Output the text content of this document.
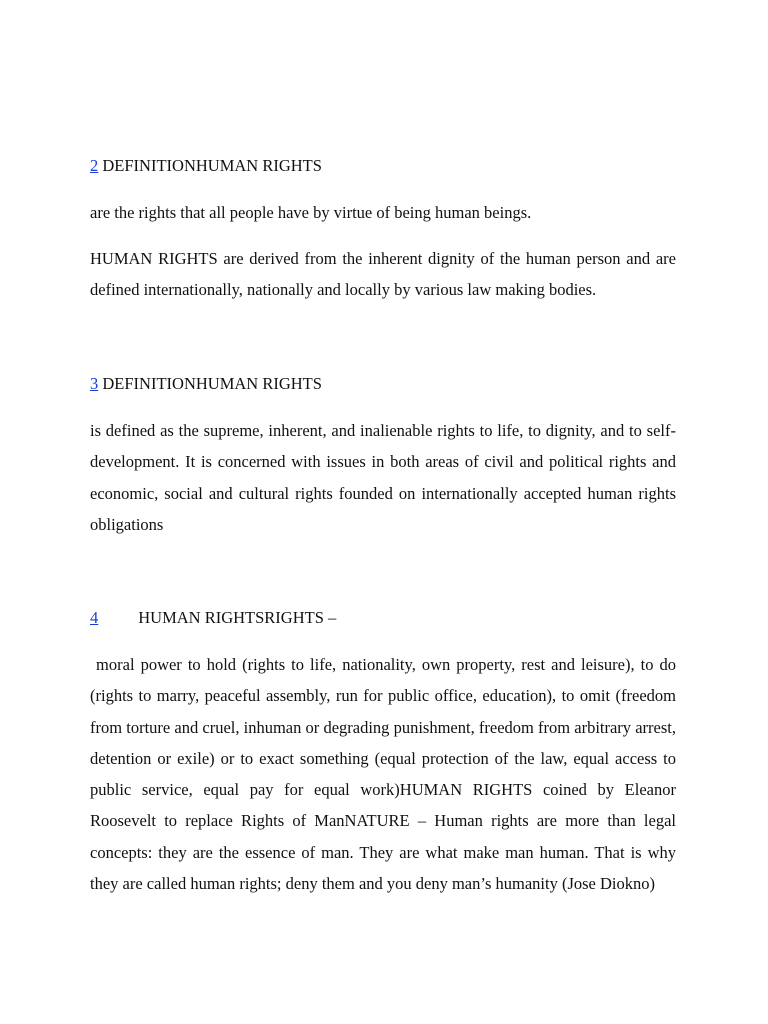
2 DEFINITIONHUMAN RIGHTS

are the rights that all people have by virtue of being human beings.

HUMAN RIGHTS are derived from the inherent dignity of the human person and are defined internationally, nationally and locally by various law making bodies.

3 DEFINITIONHUMAN RIGHTS

is defined as the supreme, inherent, and inalienable rights to life, to dignity, and to self-development. It is concerned with issues in both areas of civil and political rights and economic, social and cultural rights founded on internationally accepted human rights obligations

4 HUMAN RIGHTSRIGHTS –

moral power to hold (rights to life, nationality, own property, rest and leisure), to do (rights to marry, peaceful assembly, run for public office, education), to omit (freedom from torture and cruel, inhuman or degrading punishment, freedom from arbitrary arrest, detention or exile) or to exact something (equal protection of the law, equal access to public service, equal pay for equal work)HUMAN RIGHTS coined by Eleanor Roosevelt to replace Rights of ManNATURE – Human rights are more than legal concepts: they are the essence of man. They are what make man human. That is why they are called human rights; deny them and you deny man’s humanity (Jose Diokno)
